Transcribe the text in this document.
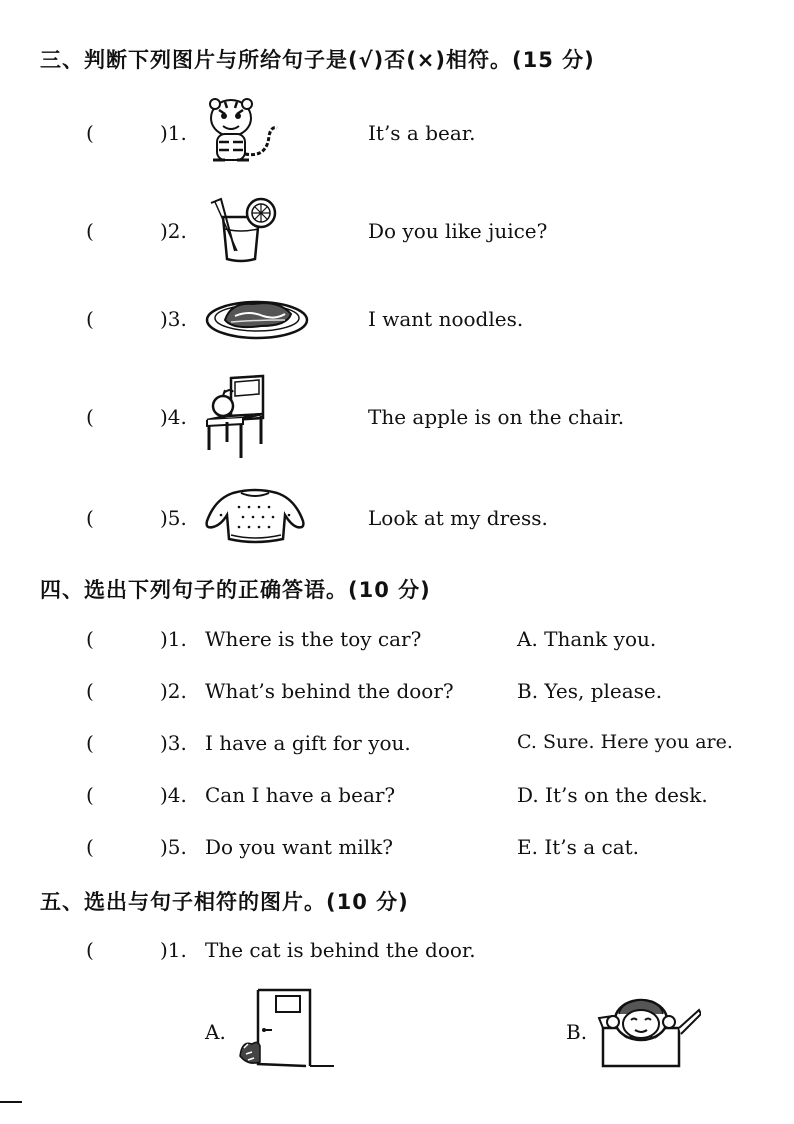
三、判断下列图片与所给句子是(√)否(×)相符。(15 分)
(	)1.	It’s a bear.
(	)2.	Do you like juice?
(	)3.	I want noodles.
(	)4.	The apple is on the chair.
(	)5.	Look at my dress.
四、选出下列句子的正确答语。(10 分)
(	)1. Where is the toy car?	A. Thank you.
(	)2. What’s behind the door?	B. Yes, please.
(	)3. I have a gift for you.	C. Sure. Here you are.
(	)4. Can I have a bear?	D. It’s on the desk.
(	)5. Do you want milk?	E. It’s a cat.
五、选出与句子相符的图片。(10 分)
(	)1. The cat is behind the door.
A.	B.
